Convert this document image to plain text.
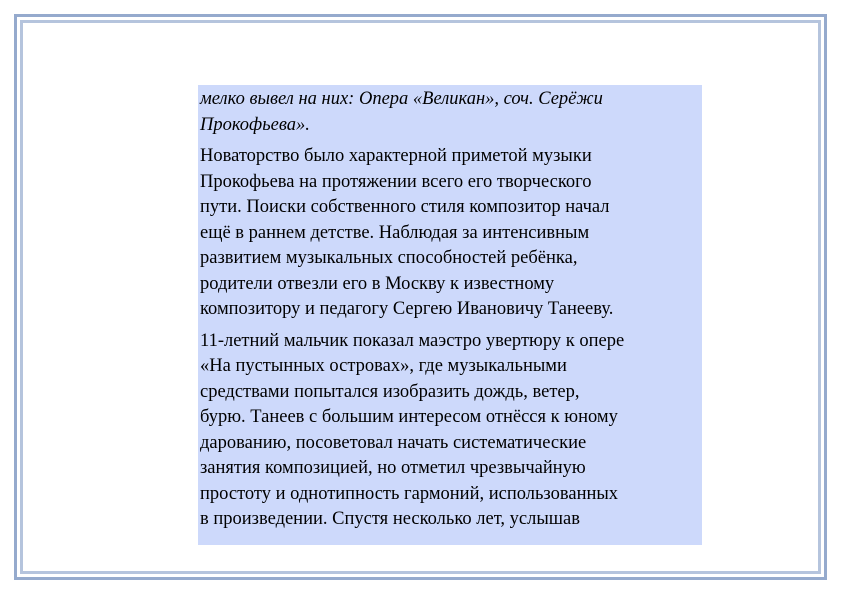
мелко вывел на них: Опера «Великан», соч. Серёжи
Прокофьева».

Новаторство было характерной приметой музыки
Прокофьева на протяжении всего его творческого
пути. Поиски собственного стиля композитор начал
ещё в раннем детстве. Наблюдая за интенсивным
развитием музыкальных способностей ребёнка,
родители отвезли его в Москву к известному
композитору и педагогу Сергею Ивановичу Танееву.

11-летний мальчик показал маэстро увертюру к опере
«На пустынных островах», где музыкальными
средствами попытался изобразить дождь, ветер,
бурю. Танеев с большим интересом отнёсся к юному
дарованию, посоветовал начать систематические
занятия композицией, но отметил чрезвычайную
простоту и однотипность гармоний, использованных
в произведении. Спустя несколько лет, услышав
